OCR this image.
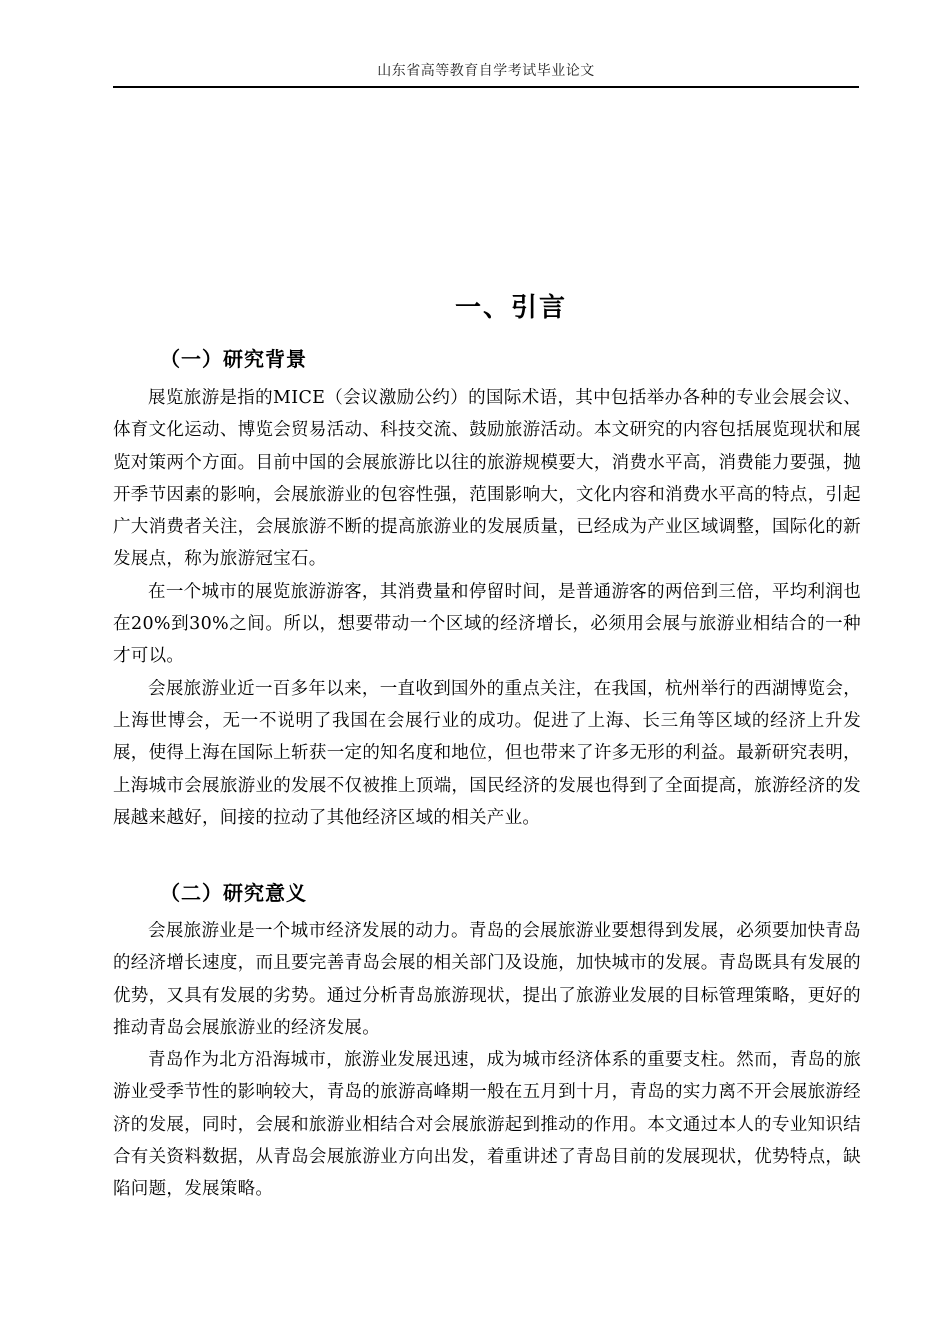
山东省高等教育自学考试毕业论文
一、引言
（一）研究背景

展览旅游是指的MICE（会议激励公约）的国际术语，其中包括举办各种的专业会展会议、体育文化运动、博览会贸易活动、科技交流、鼓励旅游活动。本文研究的内容包括展览现状和展览对策两个方面。目前中国的会展旅游比以往的旅游规模要大，消费水平高，消费能力要强，抛开季节因素的影响，会展旅游业的包容性强，范围影响大，文化内容和消费水平高的特点，引起广大消费者关注，会展旅游不断的提高旅游业的发展质量，已经成为产业区域调整，国际化的新发展点，称为旅游冠宝石。

在一个城市的展览旅游游客，其消费量和停留时间，是普通游客的两倍到三倍，平均利润也在20%到30%之间。所以，想要带动一个区域的经济增长，必须用会展与旅游业相结合的一种才可以。

会展旅游业近一百多年以来，一直收到国外的重点关注，在我国，杭州举行的西湖博览会，上海世博会，无一不说明了我国在会展行业的成功。促进了上海、长三角等区域的经济上升发展，使得上海在国际上斩获一定的知名度和地位，但也带来了许多无形的利益。最新研究表明，上海城市会展旅游业的发展不仅被推上顶端，国民经济的发展也得到了全面提高，旅游经济的发展越来越好，间接的拉动了其他经济区域的相关产业。

（二）研究意义

会展旅游业是一个城市经济发展的动力。青岛的会展旅游业要想得到发展，必须要加快青岛的经济增长速度，而且要完善青岛会展的相关部门及设施，加快城市的发展。青岛既具有发展的优势，又具有发展的劣势。通过分析青岛旅游现状，提出了旅游业发展的目标管理策略，更好的推动青岛会展旅游业的经济发展。

青岛作为北方沿海城市，旅游业发展迅速，成为城市经济体系的重要支柱。然而，青岛的旅游业受季节性的影响较大，青岛的旅游高峰期一般在五月到十月，青岛的实力离不开会展旅游经济的发展，同时，会展和旅游业相结合对会展旅游起到推动的作用。本文通过本人的专业知识结合有关资料数据，从青岛会展旅游业方向出发，着重讲述了青岛目前的发展现状，优势特点，缺陷问题，发展策略。
